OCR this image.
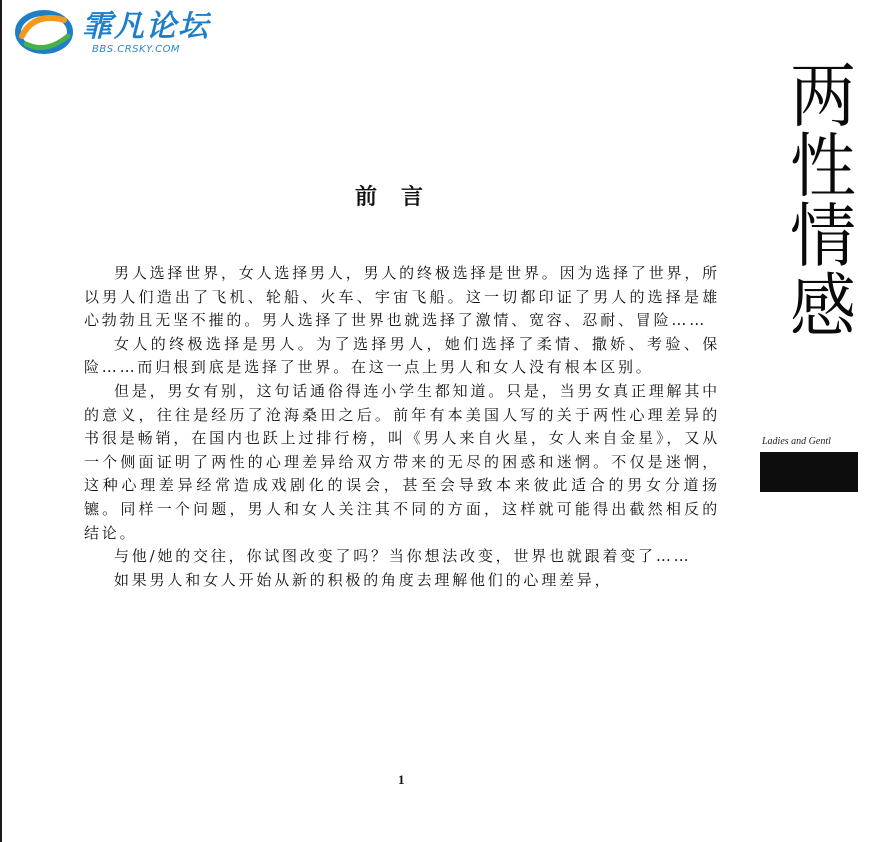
霏凡论坛
BBS.CRSKY.COM
两
性
情
感
Ladies and Gentl
前言

男人选择世界，女人选择男人，男人的终极选择是世界。因为选择了世界，所以男人们造出了飞机、轮船、火车、宇宙飞船。这一切都印证了男人的选择是雄心勃勃且无坚不摧的。男人选择了世界也就选择了激情、宽容、忍耐、冒险……

女人的终极选择是男人。为了选择男人，她们选择了柔情、撒娇、考验、保险……而归根到底是选择了世界。在这一点上男人和女人没有根本区别。

但是，男女有别，这句话通俗得连小学生都知道。只是，当男女真正理解其中的意义，往往是经历了沧海桑田之后。前年有本美国人写的关于两性心理差异的书很是畅销，在国内也跃上过排行榜，叫《男人来自火星，女人来自金星》，又从一个侧面证明了两性的心理差异给双方带来的无尽的困惑和迷惘。不仅是迷惘，这种心理差异经常造成戏剧化的误会，甚至会导致本来彼此适合的男女分道扬镳。同样一个问题，男人和女人关注其不同的方面，这样就可能得出截然相反的结论。

与他/她的交往，你试图改变了吗？当你想法改变，世界也就跟着变了……

如果男人和女人开始从新的积极的角度去理解他们的心理差异，

1
